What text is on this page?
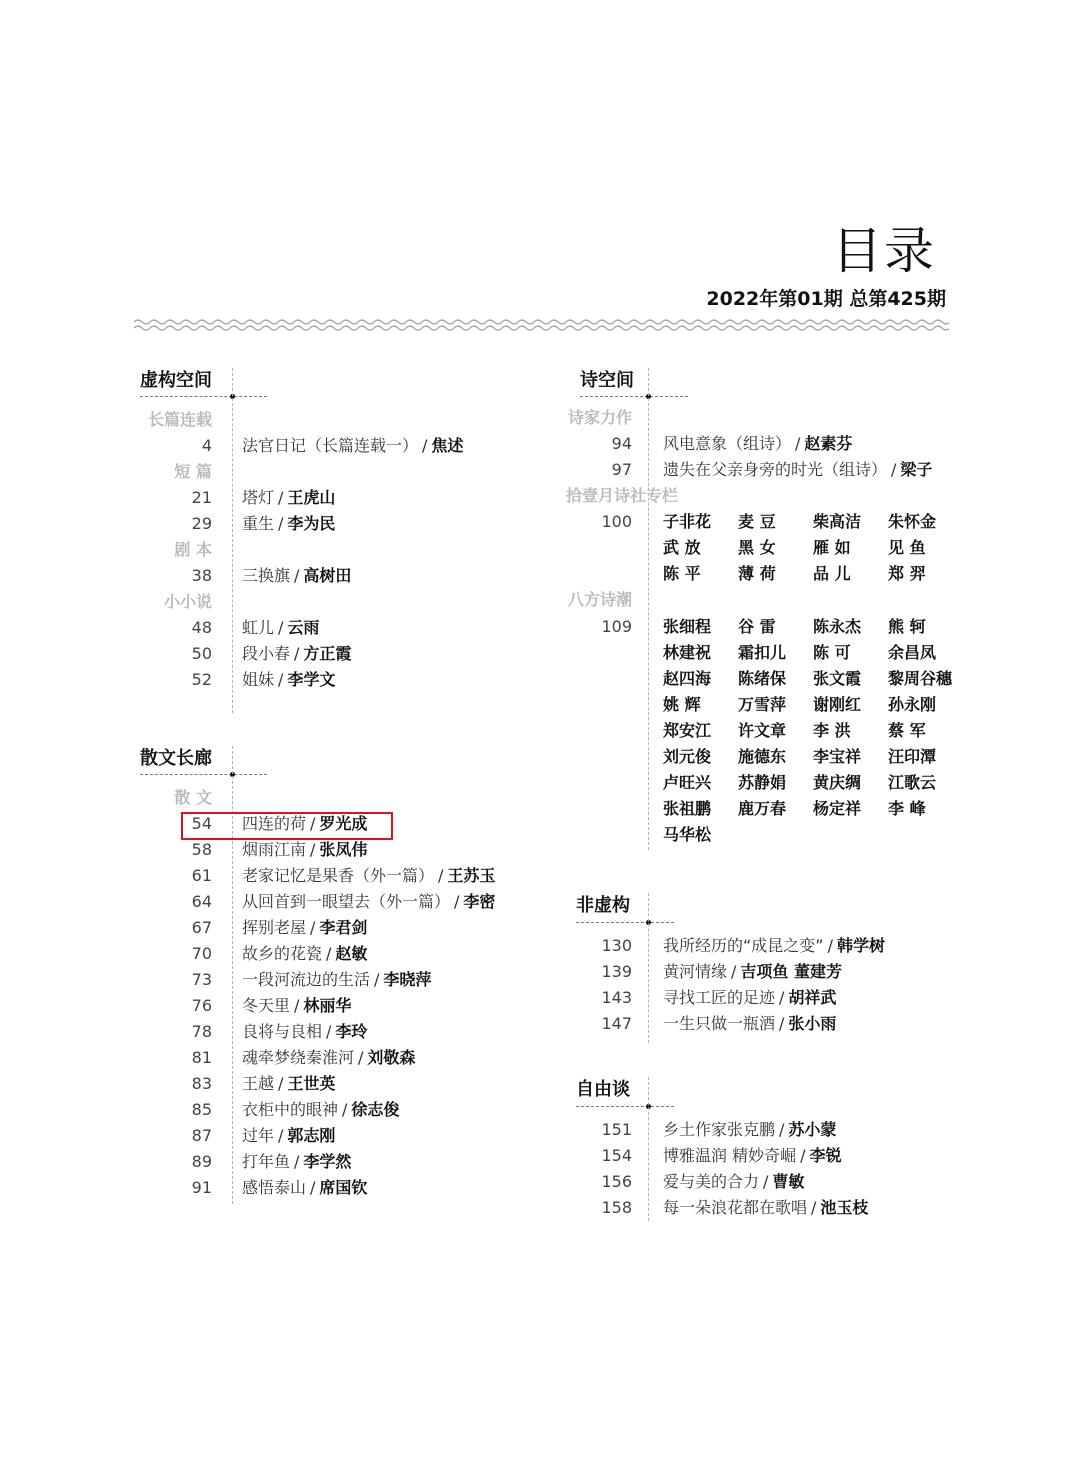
目录
2022年第01期 总第425期
虚构空间
长篇连载
4 法官日记（长篇连载一） / 焦述
短 篇
21 塔灯 / 王虎山
29 重生 / 李为民
剧 本
38 三换旗 / 高树田
小小说
48 虹儿 / 云雨
50 段小春 / 方正霞
52 姐妹 / 李学文
散文长廊
散 文
54 四连的荷 / 罗光成
58 烟雨江南 / 张凤伟
61 老家记忆是果香（外一篇） / 王苏玉
64 从回首到一眼望去（外一篇） / 李密
67 挥别老屋 / 李君剑
70 故乡的花瓷 / 赵敏
73 一段河流边的生活 / 李晓萍
76 冬天里 / 林丽华
78 良将与良相 / 李玲
81 魂牵梦绕秦淮河 / 刘敬森
83 王越 / 王世英
85 衣柜中的眼神 / 徐志俊
87 过年 / 郭志刚
89 打年鱼 / 李学然
91 感悟泰山 / 席国钦
诗空间
诗家力作
94 风电意象（组诗） / 赵素芬
97 遗失在父亲身旁的时光（组诗） / 梁子
拾壹月诗社专栏
100 子非花	麦 豆	柴高洁	朱怀金
武 放	黑 女	雁 如	见 鱼
陈 平	薄 荷	品 儿	郑 羿
八方诗潮
109 张细程	谷 雷	陈永杰	熊 轲
林建祝	霜扣儿	陈 可	余昌凤
赵四海	陈绪保	张文霞	黎周谷穗
姚 辉	万雪萍	谢刚红	孙永刚
郑安江	许文章	李 洪	蔡 军
刘元俊	施德东	李宝祥	汪印潭
卢旺兴	苏静娟	黄庆绸	江歌云
张祖鹏	鹿万春	杨定祥	李 峰
马华松
非虚构
130 我所经历的“成昆之变” / 韩学树
139 黄河情缘 / 吉项鱼 董建芳
143 寻找工匠的足迹 / 胡祥武
147 一生只做一瓶酒 / 张小雨
自由谈
151 乡土作家张克鹏 / 苏小蒙
154 博雅温润 精妙奇崛 / 李锐
156 爱与美的合力 / 曹敏
158 每一朵浪花都在歌唱 / 池玉枝
